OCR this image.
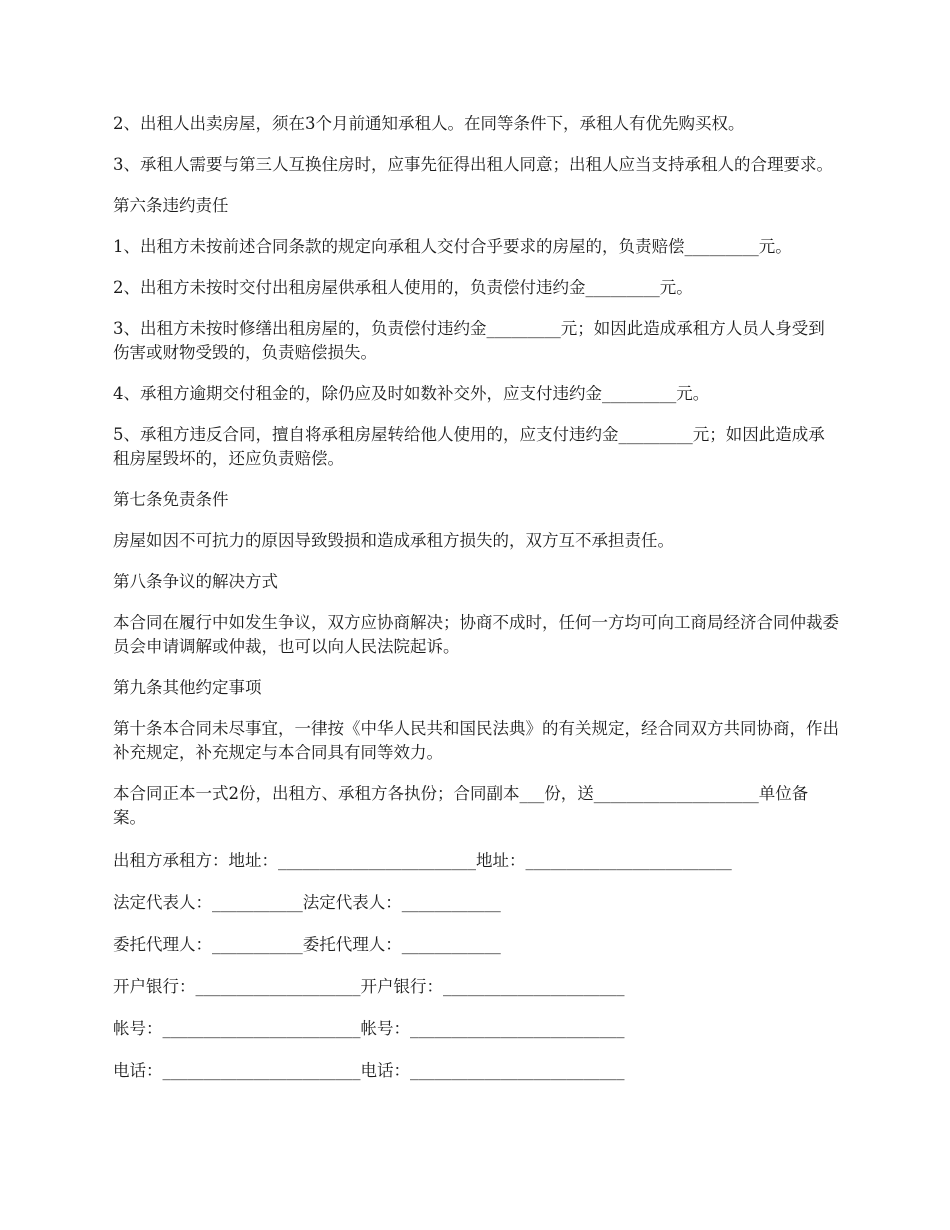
2、出租人出卖房屋，须在3个月前通知承租人。在同等条件下，承租人有优先购买权。

3、承租人需要与第三人互换住房时，应事先征得出租人同意；出租人应当支持承租人的合理要求。

第六条违约责任

1、出租方未按前述合同条款的规定向承租人交付合乎要求的房屋的，负责赔偿_________元。

2、出租方未按时交付出租房屋供承租人使用的，负责偿付违约金_________元。

3、出租方未按时修缮出租房屋的，负责偿付违约金_________元；如因此造成承租方人员人身受到伤害或财物受毁的，负责赔偿损失。

4、承租方逾期交付租金的，除仍应及时如数补交外，应支付违约金_________元。

5、承租方违反合同，擅自将承租房屋转给他人使用的，应支付违约金_________元；如因此造成承租房屋毁坏的，还应负责赔偿。

第七条免责条件

房屋如因不可抗力的原因导致毁损和造成承租方损失的，双方互不承担责任。

第八条争议的解决方式

本合同在履行中如发生争议，双方应协商解决；协商不成时，任何一方均可向工商局经济合同仲裁委员会申请调解或仲裁，也可以向人民法院起诉。

第九条其他约定事项

第十条本合同未尽事宜，一律按《中华人民共和国民法典》的有关规定，经合同双方共同协商，作出补充规定，补充规定与本合同具有同等效力。

本合同正本一式2份，出租方、承租方各执份；合同副本___份，送____________________单位备案。

出租方承租方：地址：________________________地址：_________________________

法定代表人：___________法定代表人：____________

委托代理人：___________委托代理人：____________

开户银行：____________________开户银行：______________________

帐号：________________________帐号：__________________________

电话：________________________电话：__________________________
